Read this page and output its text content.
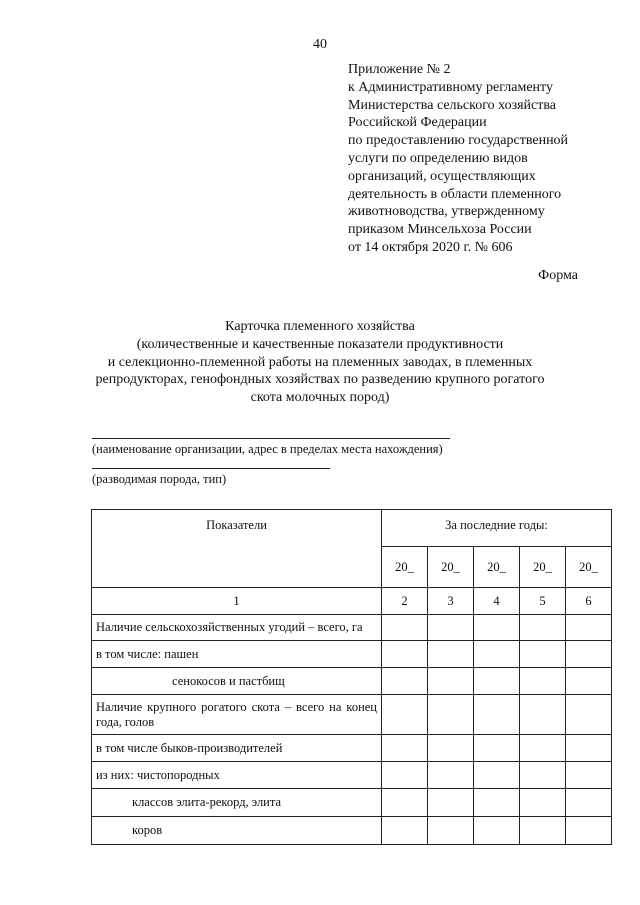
40
Приложение № 2
к Административному регламенту
Министерства сельского хозяйства
Российской Федерации
по предоставлению государственной
услуги по определению видов
организаций, осуществляющих
деятельность в области племенного
животноводства, утвержденному
приказом Минсельхоза России
от 14 октября 2020 г. № 606
Форма
Карточка племенного хозяйства
(количественные и качественные показатели продуктивности
и селекционно-племенной работы на племенных заводах, в племенных
репродукторах, генофондных хозяйствах по разведению крупного рогатого
скота молочных пород)
(наименование организации, адрес в пределах места нахождения)
(разводимая порода, тип)
Показатели	За последние годы:				
	20_	20_	20_	20_	20_
1	2	3	4	5	6
Наличие сельскохозяйственных угодий – всего, га					
в том числе: пашен					
сенокосов и пастбищ					
Наличие крупного рогатого скота – всего на конец года, голов					
в том числе быков-производителей					
из них: чистопородных					
классов элита-рекорд, элита					
коров					
